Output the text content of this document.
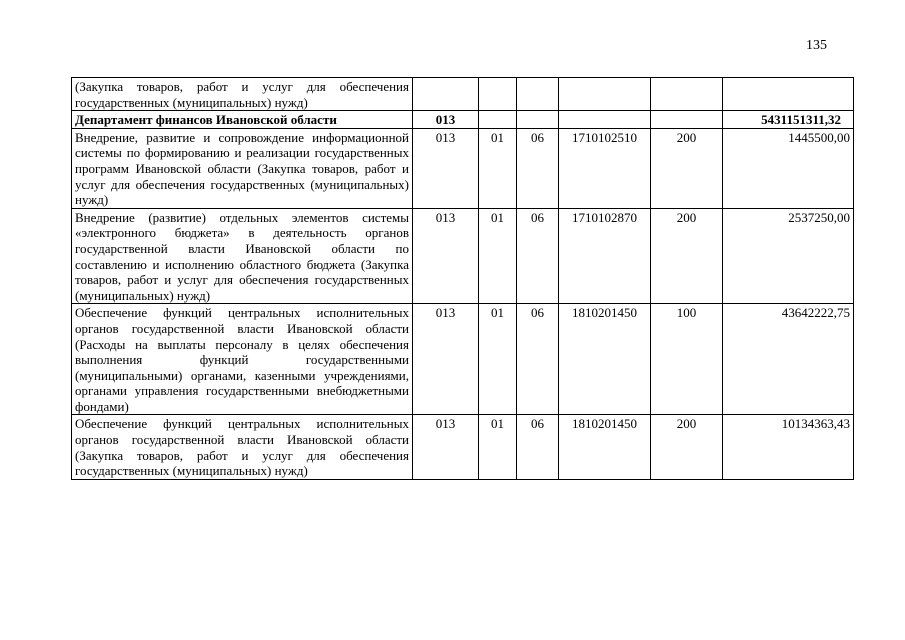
135
(Закупка товаров, работ и услуг для обеспечения государственных (муниципальных) нужд)						
Департамент финансов Ивановской области	013					5431151311,32
Внедрение, развитие и сопровождение информационной системы по формированию и реализации государственных программ Ивановской области (Закупка товаров, работ и услуг для обеспечения государственных (муниципальных) нужд)	013	01	06	1710102510	200	1445500,00
Внедрение (развитие) отдельных элементов системы «электронного бюджета» в деятельность органов государственной власти Ивановской области по составлению и исполнению областного бюджета (Закупка товаров, работ и услуг для обеспечения государственных (муниципальных) нужд)	013	01	06	1710102870	200	2537250,00
Обеспечение функций центральных исполнительных органов государственной власти Ивановской области (Расходы на выплаты персоналу в целях обеспечения выполнения функций государственными (муниципальными) органами, казенными учреждениями, органами управления государственными внебюджетными фондами)	013	01	06	1810201450	100	43642222,75
Обеспечение функций центральных исполнительных органов государственной власти Ивановской области (Закупка товаров, работ и услуг для обеспечения государственных (муниципальных) нужд)	013	01	06	1810201450	200	10134363,43
